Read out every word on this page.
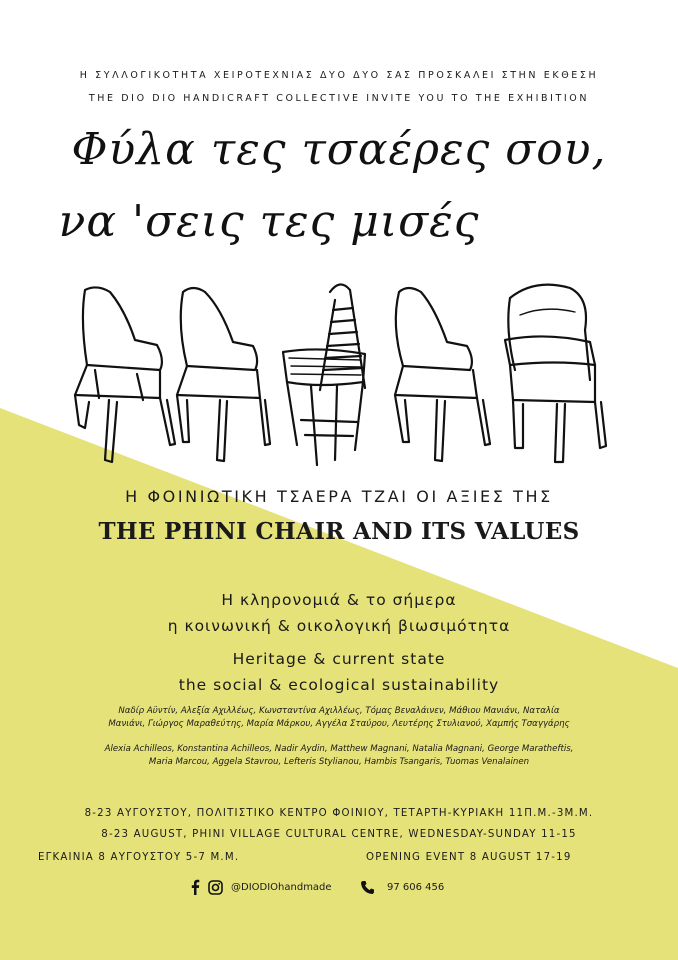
Η ΣΥΛΛΟΓΙΚΟΤΗΤΑ ΧΕΙΡΟΤΕΧΝΙΑΣ ΔΥΟ ΔΥΟ ΣΑΣ ΠΡΟΣΚΑΛΕΙ ΣΤΗΝ ΕΚΘΕΣΗ
THE DIO DIO HANDICRAFT COLLECTIVE INVITE YOU TO THE EXHIBITION
Φύλα τες τσαέρες σου,
να 'σεις τες μισές
Η ΦΟΙΝΙΩΤΙΚΗ ΤΣΑΕΡΑ ΤΖΑΙ ΟΙ ΑΞΙΕΣ ΤΗΣ
THE PHINI CHAIR AND ITS VALUES
Η κληρονομιά & το σήμερα
η κοινωνική & οικολογική βιωσιμότητα
Heritage & current state
the social & ecological sustainability
Ναδίρ Αϋντίν, Αλεξία Αχιλλέως, Κωνσταντίνα Αχιλλέως, Τόμας Βεναλάινεν, Μάθιου Μανιάνι, Ναταλία
Μανιάνι, Γιώργος Μαραθεύτης, Μαρία Μάρκου, Αγγέλα Σταύρου, Λευτέρης Στυλιανού, Χαμπής Τσαγγάρης
Alexia Achilleos, Konstantina Achilleos, Nadir Aydin, Matthew Magnani, Natalia Magnani, George Maratheftis,
Maria Marcou, Aggela Stavrou, Lefteris Stylianou, Hambis Tsangaris, Tuomas Venalainen
8-23 ΑΥΓΟΥΣΤΟΥ, ΠΟΛΙΤΙΣΤΙΚΟ ΚΕΝΤΡΟ ΦΟΙΝΙΟΥ, ΤΕΤΑΡΤΗ-ΚΥΡΙΑΚΗ 11Π.Μ.-3Μ.Μ.
8-23 AUGUST, PHINI VILLAGE CULTURAL CENTRE, WEDNESDAY-SUNDAY 11-15
ΕΓΚΑΙΝΙΑ 8 ΑΥΓΟΥΣΤΟΥ 5-7 Μ.Μ.	OPENING EVENT 8 AUGUST 17-19
@DIODIOhandmade	97 606 456
